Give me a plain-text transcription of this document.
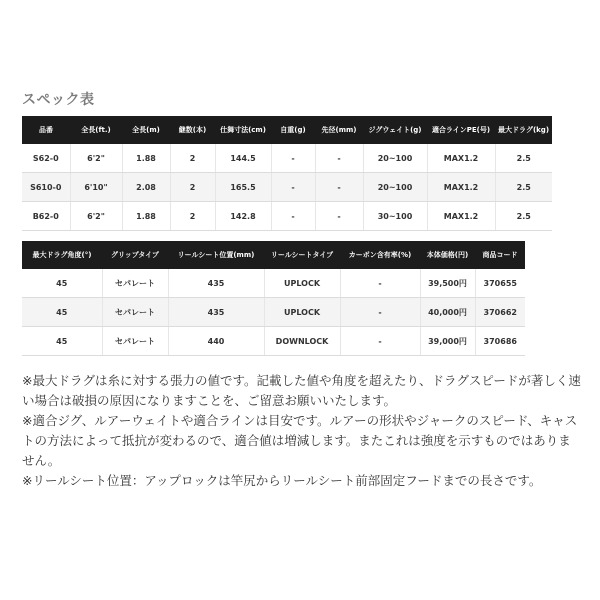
スペック表
品番	全長(ft.)	全長(m)	継数(本)	仕舞寸法(cm)	自重(g)	先径(mm)	ジグウェイト(g)	適合ラインPE(号)	最大ドラグ(kg)
S62-0	6'2"	1.88	2	144.5	-	-	20~100	MAX1.2	2.5
S610-0	6'10"	2.08	2	165.5	-	-	20~100	MAX1.2	2.5
B62-0	6'2"	1.88	2	142.8	-	-	30~100	MAX1.2	2.5
最大ドラグ角度(°)	グリップタイプ	リールシート位置(mm)	リールシートタイプ	カーボン含有率(%)	本体価格(円)	商品コード
45	セパレート	435	UPLOCK	-	39,500円	370655
45	セパレート	435	UPLOCK	-	40,000円	370662
45	セパレート	440	DOWNLOCK	-	39,000円	370686

※最大ドラグは糸に対する張力の値です。記載した値や角度を超えたり、ドラグスピードが著しく速い場合は破損の原因になりますことを、ご留意お願いいたします。

※適合ジグ、ルアーウェイトや適合ラインは目安です。ルアーの形状やジャークのスピード、キャストの方法によって抵抗が変わるので、適合値は増減します。またこれは強度を示すものではありません。

※リールシート位置：アップロックは竿尻からリールシート前部固定フードまでの長さです。
